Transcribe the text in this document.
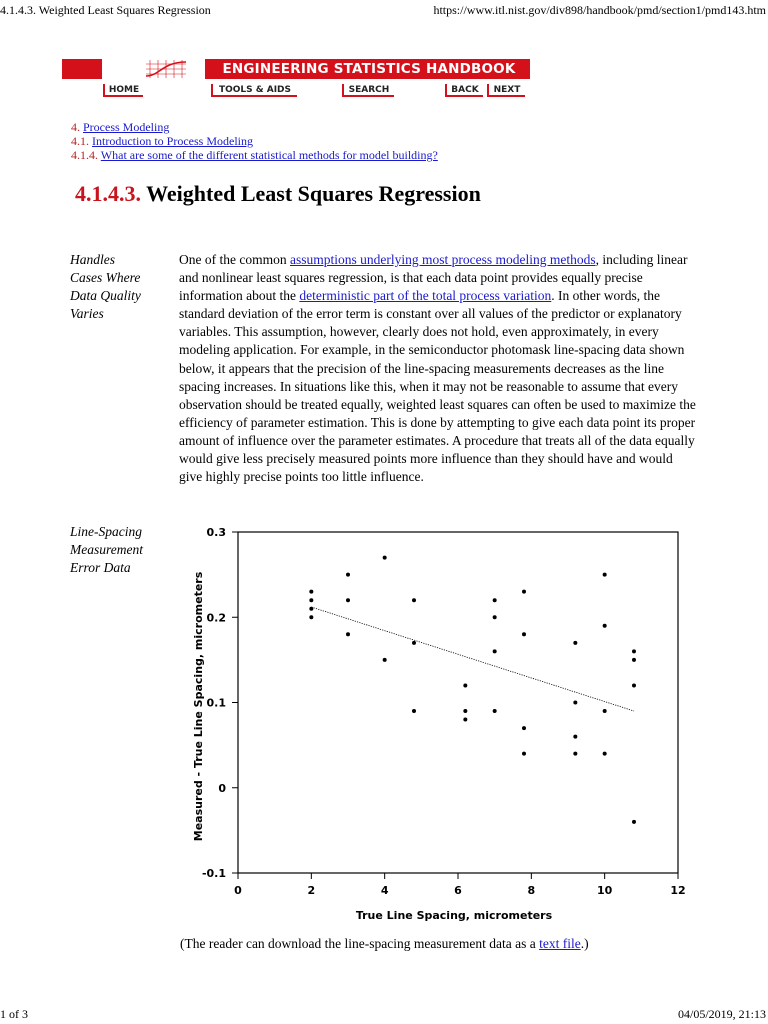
4.1.4.3. Weighted Least Squares Regression	https://www.itl.nist.gov/div898/handbook/pmd/section1/pmd143.htm
ENGINEERING STATISTICS HANDBOOK
HOME	TOOLS & AIDS	SEARCH	BACK	NEXT
4. Process Modeling
4.1. Introduction to Process Modeling
4.1.4. What are some of the different statistical methods for model building?
4.1.4.3. Weighted Least Squares Regression
Handles
Cases Where
Data Quality
Varies
One of the common assumptions underlying most process modeling methods, including linear and nonlinear least squares regression, is that each data point provides equally precise information about the deterministic part of the total process variation. In other words, the standard deviation of the error term is constant over all values of the predictor or explanatory variables. This assumption, however, clearly does not hold, even approximately, in every modeling application. For example, in the semiconductor photomask line-spacing data shown below, it appears that the precision of the line-spacing measurements decreases as the line spacing increases. In situations like this, when it may not be reasonable to assume that every observation should be treated equally, weighted least squares can often be used to maximize the efficiency of parameter estimation. This is done by attempting to give each data point its proper amount of influence over the parameter estimates. A procedure that treats all of the data equally would give less precisely measured points more influence than they should have and would give highly precise points too little influence.
Line-Spacing
Measurement
Error Data
0	2	4	6	8	10	12
-0.1
0
0.1
0.2
0.3
True Line Spacing, micrometers
Measured - True Line Spacing, micrometers
(The reader can download the line-spacing measurement data as a text file.)
1 of 3	04/05/2019, 21:13
